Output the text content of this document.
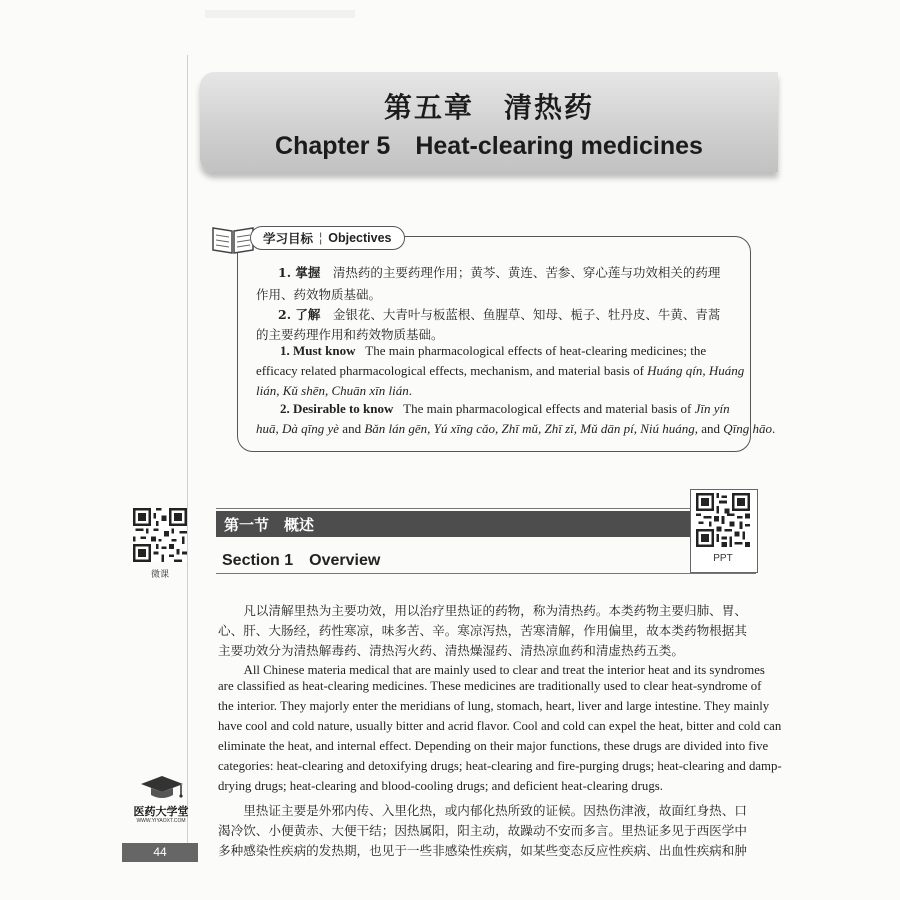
第五章　清热药
Chapter 5　Heat-clearing medicines
学习目标 ¦ Objectives
1. 掌握　 清热药的主要药理作用；黄芩、黄连、苦参、穿心莲与功效相关的药理
作用、药效物质基础。
2. 了解　 金银花、大青叶与板蓝根、鱼腥草、知母、栀子、牡丹皮、牛黄、青蒿
的主要药理作用和药效物质基础。
1. Must know The main pharmacological effects of heat-clearing medicines; the
efficacy related pharmacological effects, mechanism, and material basis of Huáng qín, Huáng
lián, Kǔ shēn, Chuān xīn lián.
2. Desirable to know The main pharmacological effects and material basis of Jīn yín
huā, Dà qīng yè and Bǎn lán gēn, Yú xīng cǎo, Zhī mǔ, Zhī zǐ, Mǔ dān pí, Niú huáng, and Qīng hāo.
第一节　概述
Section 1　Overview	PPT
微课
　　凡以清解里热为主要功效，用以治疗里热证的药物，称为清热药。本类药物主要归肺、胃、
心、肝、大肠经，药性寒凉，味多苦、辛。寒凉泻热，苦寒清解，作用偏里，故本类药物根据其
主要功效分为清热解毒药、清热泻火药、清热燥湿药、清热凉血药和清虚热药五类。
　　All Chinese materia medical that are mainly used to clear and treat the interior heat and its syndromes
are classified as heat-clearing medicines. These medicines are traditionally used to clear heat-syndrome of
the interior. They majorly enter the meridians of lung, stomach, heart, liver and large intestine. They mainly
have cool and cold nature, usually bitter and acrid flavor. Cool and cold can expel the heat, bitter and cold can
eliminate the heat, and internal effect. Depending on their major functions, these drugs are divided into five
categories: heat-clearing and detoxifying drugs; heat-clearing and fire-purging drugs; heat-clearing and damp-
drying drugs; heat-clearing and blood-cooling drugs; and deficient heat-clearing drugs.
　　里热证主要是外邪内传、入里化热，或内郁化热所致的证候。因热伤津液，故面红身热、口
渴冷饮、小便黄赤、大便干结；因热属阳，阳主动，故躁动不安而多言。里热证多见于西医学中
多种感染性疾病的发热期，也见于一些非感染性疾病，如某些变态反应性疾病、出血性疾病和肿
医药大学堂
WWW.YIYAOXT.COM
44
